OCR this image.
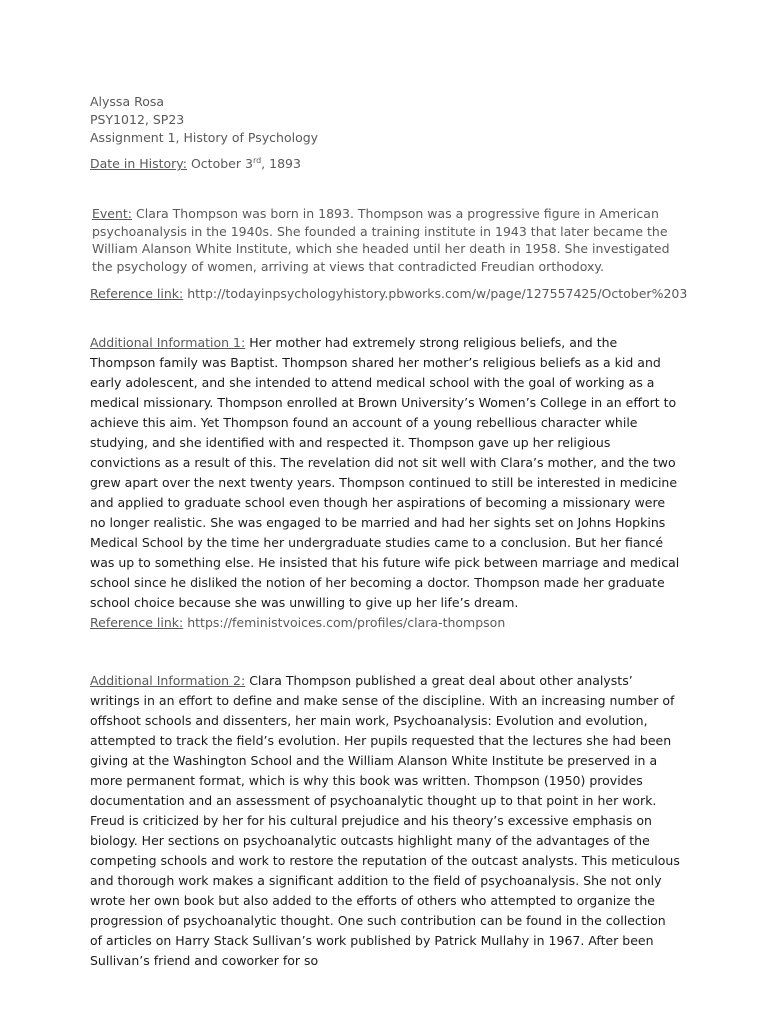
Alyssa Rosa

PSY1012, SP23

Assignment 1, History of Psychology

Date in History: October 3rd, 1893
Event: Clara Thompson was born in 1893. Thompson was a progressive figure in American psychoanalysis in the 1940s. She founded a training institute in 1943 that later became the William Alanson White Institute, which she headed until her death in 1958. She investigated the psychology of women, arriving at views that contradicted Freudian orthodoxy.
Reference link: http://todayinpsychologyhistory.pbworks.com/w/page/127557425/October%203
Additional Information 1: Her mother had extremely strong religious beliefs, and the Thompson family was Baptist. Thompson shared her mother’s religious beliefs as a kid and early adolescent, and she intended to attend medical school with the goal of working as a medical missionary. Thompson enrolled at Brown University’s Women’s College in an effort to achieve this aim. Yet Thompson found an account of a young rebellious character while studying, and she identified with and respected it. Thompson gave up her religious convictions as a result of this. The revelation did not sit well with Clara’s mother, and the two grew apart over the next twenty years. Thompson continued to still be interested in medicine and applied to graduate school even though her aspirations of becoming a missionary were no longer realistic. She was engaged to be married and had her sights set on Johns Hopkins Medical School by the time her undergraduate studies came to a conclusion. But her fiancé was up to something else. He insisted that his future wife pick between marriage and medical school since he disliked the notion of her becoming a doctor. Thompson made her graduate school choice because she was unwilling to give up her life’s dream.
Reference link: https://feministvoices.com/profiles/clara-thompson
Additional Information 2: Clara Thompson published a great deal about other analysts’ writings in an effort to define and make sense of the discipline. With an increasing number of offshoot schools and dissenters, her main work, Psychoanalysis: Evolution and evolution, attempted to track the field’s evolution. Her pupils requested that the lectures she had been giving at the Washington School and the William Alanson White Institute be preserved in a more permanent format, which is why this book was written. Thompson (1950) provides documentation and an assessment of psychoanalytic thought up to that point in her work. Freud is criticized by her for his cultural prejudice and his theory’s excessive emphasis on biology. Her sections on psychoanalytic outcasts highlight many of the advantages of the competing schools and work to restore the reputation of the outcast analysts. This meticulous and thorough work makes a significant addition to the field of psychoanalysis. She not only wrote her own book but also added to the efforts of others who attempted to organize the progression of psychoanalytic thought. One such contribution can be found in the collection of articles on Harry Stack Sullivan’s work published by Patrick Mullahy in 1967. After been Sullivan’s friend and coworker for so
